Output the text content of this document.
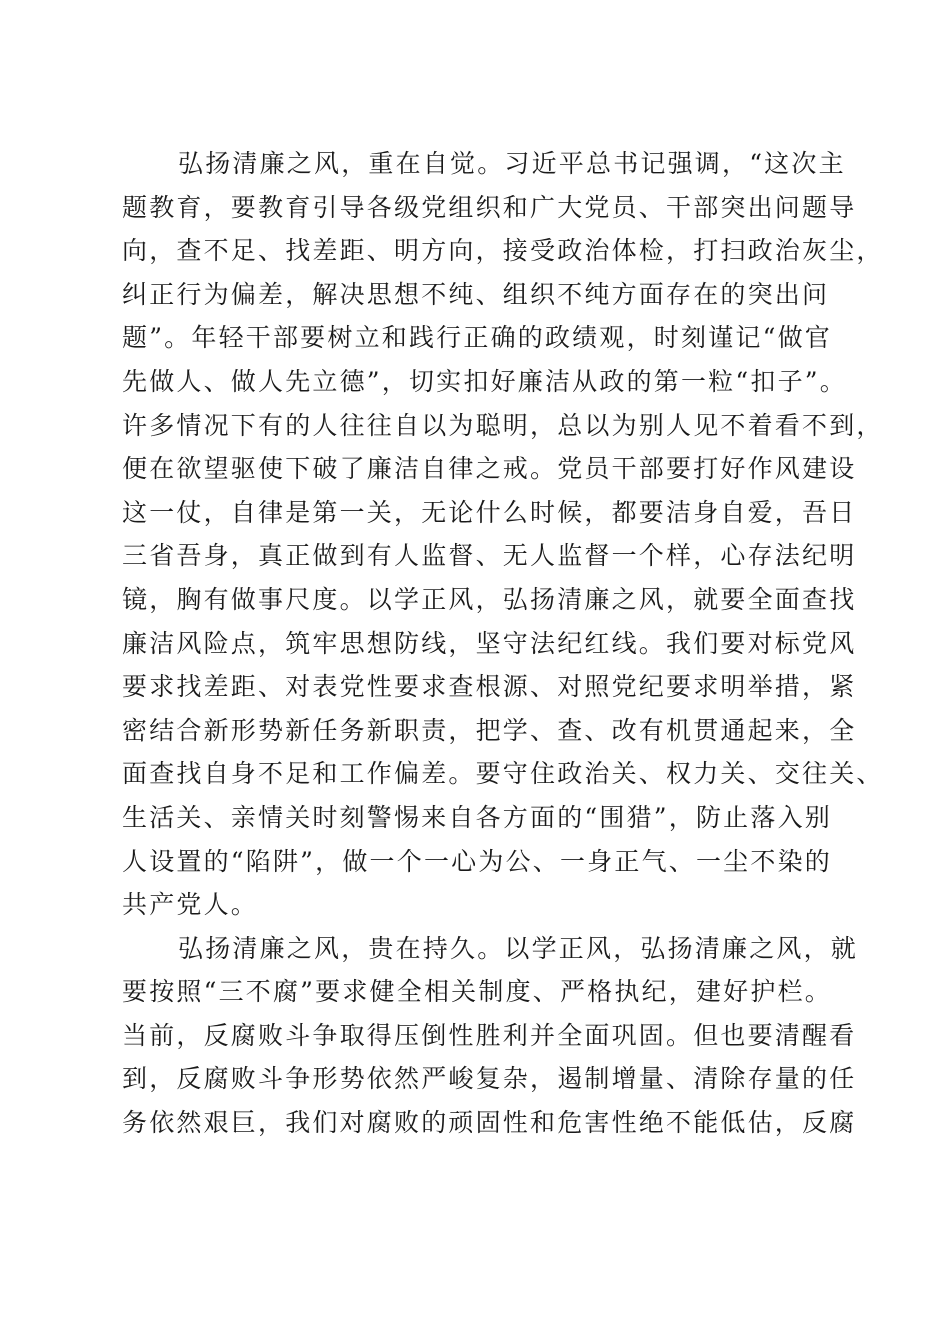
弘扬清廉之风，重在自觉。习近平总书记强调，“这次主
题教育，要教育引导各级党组织和广大党员、干部突出问题导
向，查不足、找差距、明方向，接受政治体检，打扫政治灰尘，
纠正行为偏差，解决思想不纯、组织不纯方面存在的突出问
题”。年轻干部要树立和践行正确的政绩观，时刻谨记“做官
先做人、做人先立德”，切实扣好廉洁从政的第一粒“扣子”。
许多情况下有的人往往自以为聪明，总以为别人见不着看不到，
便在欲望驱使下破了廉洁自律之戒。党员干部要打好作风建设
这一仗，自律是第一关，无论什么时候，都要洁身自爱，吾日
三省吾身，真正做到有人监督、无人监督一个样，心存法纪明
镜，胸有做事尺度。以学正风，弘扬清廉之风，就要全面查找
廉洁风险点，筑牢思想防线，坚守法纪红线。我们要对标党风
要求找差距、对表党性要求查根源、对照党纪要求明举措，紧
密结合新形势新任务新职责，把学、查、改有机贯通起来，全
面查找自身不足和工作偏差。要守住政治关、权力关、交往关、
生活关、亲情关时刻警惕来自各方面的“围猎”，防止落入别
人设置的“陷阱”，做一个一心为公、一身正气、一尘不染的
共产党人。
弘扬清廉之风，贵在持久。以学正风，弘扬清廉之风，就
要按照“三不腐”要求健全相关制度、严格执纪，建好护栏。
当前，反腐败斗争取得压倒性胜利并全面巩固。但也要清醒看
到，反腐败斗争形势依然严峻复杂，遏制增量、清除存量的任
务依然艰巨，我们对腐败的顽固性和危害性绝不能低估，反腐
